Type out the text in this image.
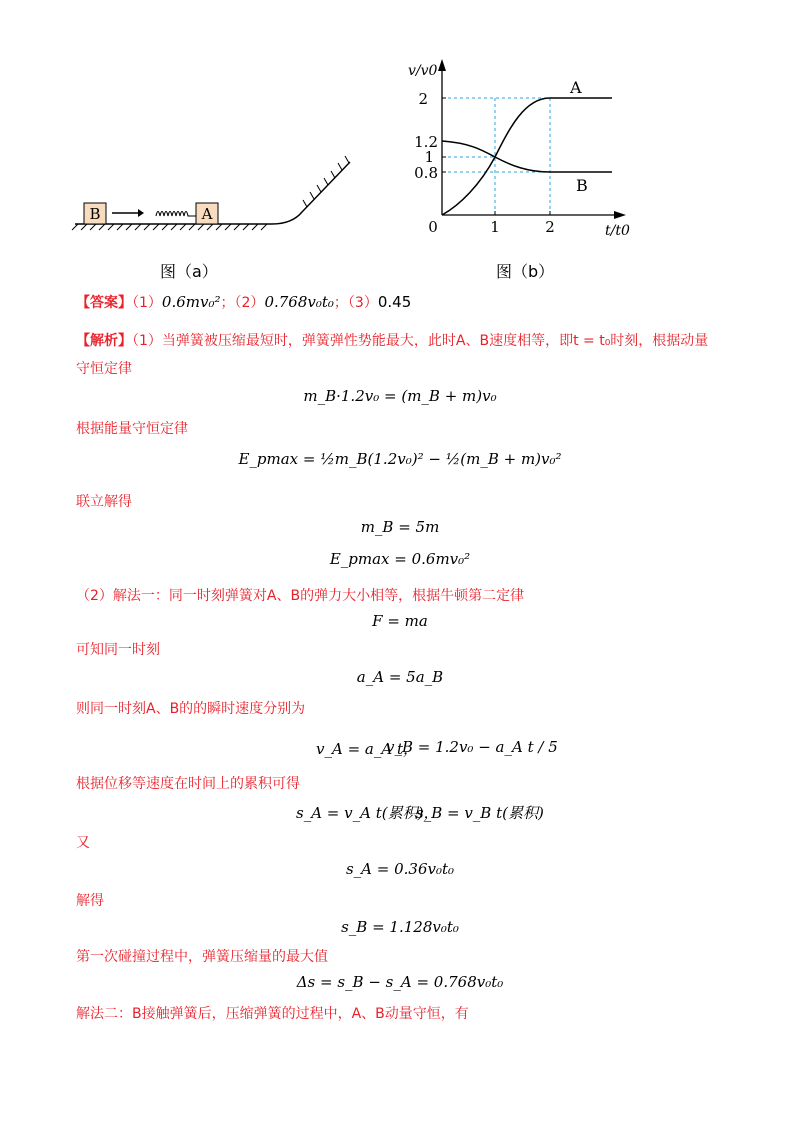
B	A
图（a）
v/v0
t/t0
2
1.2
1
0.8
0	1	2
A
B
图（b）
【答案】（1）0.6mv₀²；（2）0.768v₀t₀；（3）0.45
【解析】（1）当弹簧被压缩最短时，弹簧弹性势能最大，此时A、B速度相等，即t = t₀时刻，根据动量
守恒定律
m_B·1.2v₀ = (m_B + m)v₀
根据能量守恒定律
E_pmax = ½m_B(1.2v₀)² − ½(m_B + m)v₀²
联立解得
m_B = 5m
E_pmax = 0.6mv₀²
（2）解法一：同一时刻弹簧对A、B的弹力大小相等，根据牛顿第二定律
F = ma
可知同一时刻
a_A = 5a_B
则同一时刻A、B的的瞬时速度分别为
v_A = a_A t，
v_B = 1.2v₀ − a_A t / 5
根据位移等速度在时间上的累积可得
s_A = v_A t(累积)，
s_B = v_B t(累积)
又
s_A = 0.36v₀t₀
解得
s_B = 1.128v₀t₀
第一次碰撞过程中，弹簧压缩量的最大值
Δs = s_B − s_A = 0.768v₀t₀
解法二：B接触弹簧后，压缩弹簧的过程中，A、B动量守恒，有
